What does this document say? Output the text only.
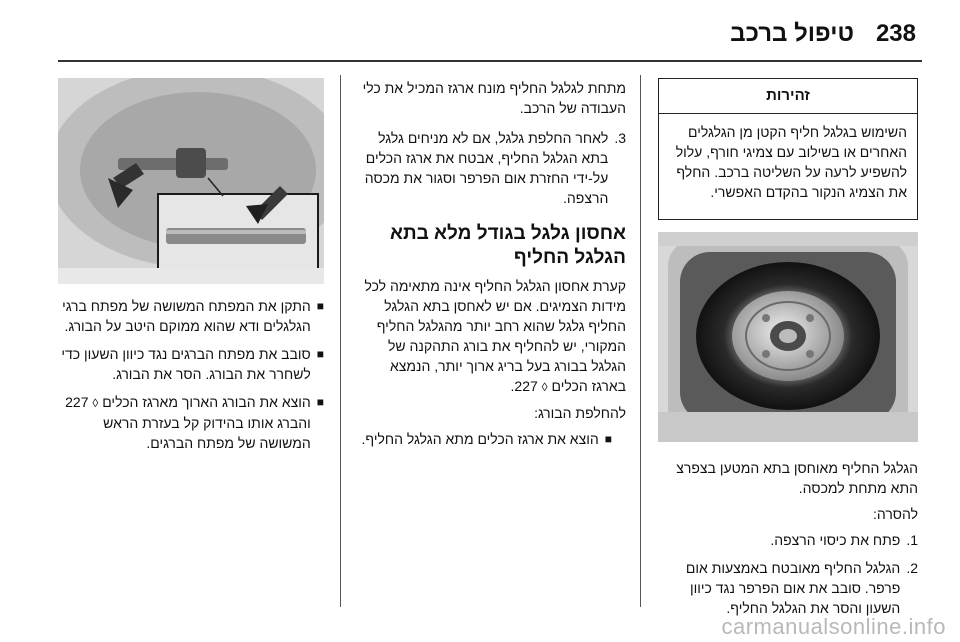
238
טיפול ברכב
זהירות
השימוש בגלגל חליף הקטן מן הגלגלים האחרים או בשילוב עם צמיגי חורף, עלול להשפיע לרעה על השליטה ברכב. החלף את הצמיג הנקור בהקדם האפשרי.

הגלגל החליף מאוחסן בתא המטען בצפרצ התא מתחת למכסה.

להסרה:

1.
פתח את כיסוי הרצפה.
2.
הגלגל החליף מאובטח באמצעות אום פרפר. סובב את אום הפרפר נגד כיוון השעון והסר את הגלגל החליף.

מתחת לגלגל החליף מונח ארגז המכיל את כלי העבודה של הרכב.

3.
לאחר החלפת גלגל, אם לא מניחים גלגל בתא הגלגל החליף, אבטח את ארגז הכלים על-ידי החזרת אום הפרפר וסגור את מכסה הרצפה.
אחסון גלגל בגודל מלא בתא הגלגל החליף

קערת אחסון הגלגל החליף אינה מתאימה לכל מידות הצמיגים. אם יש לאחסן בתא הגלגל החליף גלגל שהוא רחב יותר מהגלגל החליף המקורי, יש להחליף את בורג התהקנה של הגלגל בבורג בעל בריג ארוך יותר, הנמצא בארגז הכלים ◊ 227.

להחלפת הבורג:

■
הוצא את ארגז הכלים מתא הגלגל החליף.
■
התקן את המפתח המשושה של מפתח ברגי הגלגלים ודא שהוא ממוקם היטב על הבורג.
■
סובב את מפתח הברגים נגד כיוון השעון כדי לשחרר את הבורג. הסר את הבורג.
■
הוצא את הבורג הארוך מארגז הכלים ◊ 227 והברג אותו בהידוק קל בעזרת הראש המשושה של מפתח הברגים.
carmanualsonline.info
